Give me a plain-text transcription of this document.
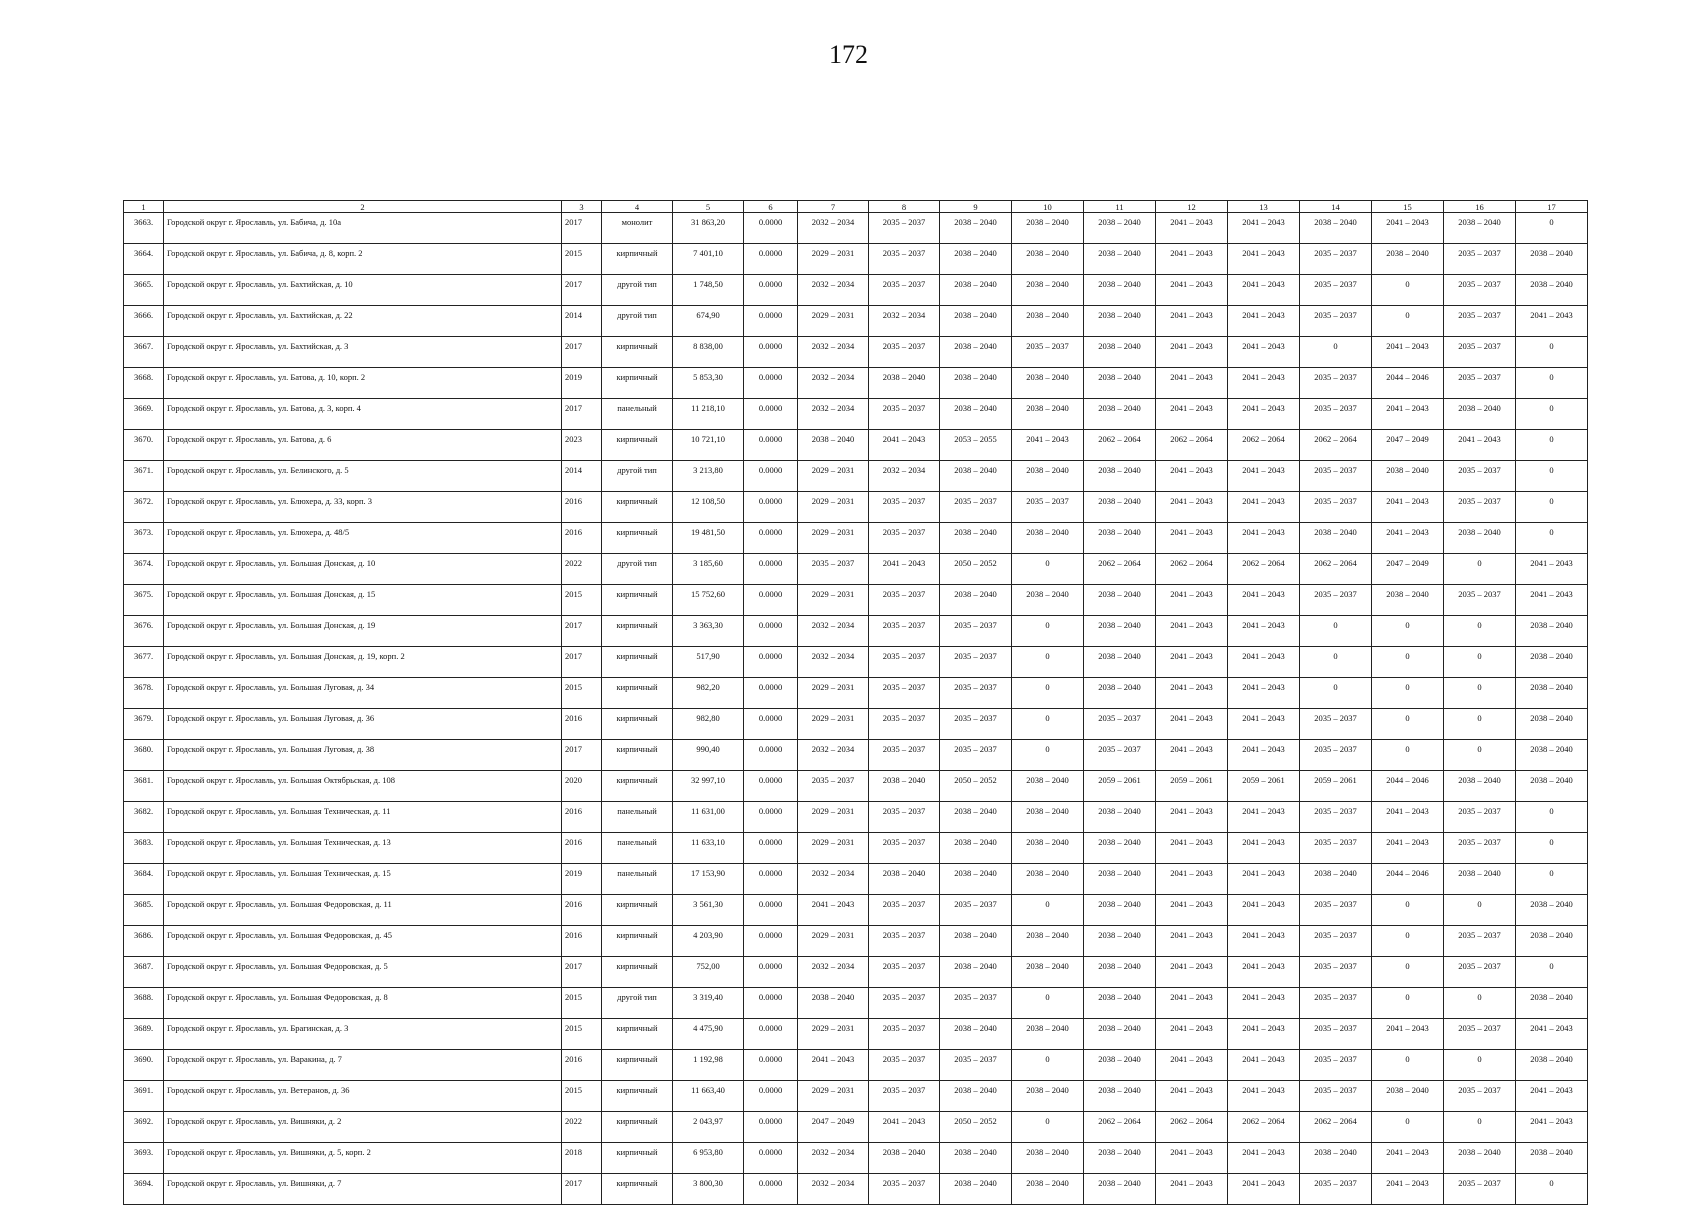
172
1	2	3	4	5	6	7	8	9	10	11	12	13	14	15	16	17
3663.	Городской округ г. Ярославль, ул. Бабича, д. 10а	2017	монолит	31 863,20	0.0000	2032 – 2034	2035 – 2037	2038 – 2040	2038 – 2040	2038 – 2040	2041 – 2043	2041 – 2043	2038 – 2040	2041 – 2043	2038 – 2040	0
3664.	Городской округ г. Ярославль, ул. Бабича, д. 8, корп. 2	2015	кирпичный	7 401,10	0.0000	2029 – 2031	2035 – 2037	2038 – 2040	2038 – 2040	2038 – 2040	2041 – 2043	2041 – 2043	2035 – 2037	2038 – 2040	2035 – 2037	2038 – 2040
3665.	Городской округ г. Ярославль, ул. Бахтийская, д. 10	2017	другой тип	1 748,50	0.0000	2032 – 2034	2035 – 2037	2038 – 2040	2038 – 2040	2038 – 2040	2041 – 2043	2041 – 2043	2035 – 2037	0	2035 – 2037	2038 – 2040
3666.	Городской округ г. Ярославль, ул. Бахтийская, д. 22	2014	другой тип	674,90	0.0000	2029 – 2031	2032 – 2034	2038 – 2040	2038 – 2040	2038 – 2040	2041 – 2043	2041 – 2043	2035 – 2037	0	2035 – 2037	2041 – 2043
3667.	Городской округ г. Ярославль, ул. Бахтийская, д. 3	2017	кирпичный	8 838,00	0.0000	2032 – 2034	2035 – 2037	2038 – 2040	2035 – 2037	2038 – 2040	2041 – 2043	2041 – 2043	0	2041 – 2043	2035 – 2037	0
3668.	Городской округ г. Ярославль, ул. Батова, д. 10, корп. 2	2019	кирпичный	5 853,30	0.0000	2032 – 2034	2038 – 2040	2038 – 2040	2038 – 2040	2038 – 2040	2041 – 2043	2041 – 2043	2035 – 2037	2044 – 2046	2035 – 2037	0
3669.	Городской округ г. Ярославль, ул. Батова, д. 3, корп. 4	2017	панельный	11 218,10	0.0000	2032 – 2034	2035 – 2037	2038 – 2040	2038 – 2040	2038 – 2040	2041 – 2043	2041 – 2043	2035 – 2037	2041 – 2043	2038 – 2040	0
3670.	Городской округ г. Ярославль, ул. Батова, д. 6	2023	кирпичный	10 721,10	0.0000	2038 – 2040	2041 – 2043	2053 – 2055	2041 – 2043	2062 – 2064	2062 – 2064	2062 – 2064	2062 – 2064	2047 – 2049	2041 – 2043	0
3671.	Городской округ г. Ярославль, ул. Белинского, д. 5	2014	другой тип	3 213,80	0.0000	2029 – 2031	2032 – 2034	2038 – 2040	2038 – 2040	2038 – 2040	2041 – 2043	2041 – 2043	2035 – 2037	2038 – 2040	2035 – 2037	0
3672.	Городской округ г. Ярославль, ул. Блюхера, д. 33, корп. 3	2016	кирпичный	12 108,50	0.0000	2029 – 2031	2035 – 2037	2035 – 2037	2035 – 2037	2038 – 2040	2041 – 2043	2041 – 2043	2035 – 2037	2041 – 2043	2035 – 2037	0
3673.	Городской округ г. Ярославль, ул. Блюхера, д. 48/5	2016	кирпичный	19 481,50	0.0000	2029 – 2031	2035 – 2037	2038 – 2040	2038 – 2040	2038 – 2040	2041 – 2043	2041 – 2043	2038 – 2040	2041 – 2043	2038 – 2040	0
3674.	Городской округ г. Ярославль, ул. Большая Донская, д. 10	2022	другой тип	3 185,60	0.0000	2035 – 2037	2041 – 2043	2050 – 2052	0	2062 – 2064	2062 – 2064	2062 – 2064	2062 – 2064	2047 – 2049	0	2041 – 2043
3675.	Городской округ г. Ярославль, ул. Большая Донская, д. 15	2015	кирпичный	15 752,60	0.0000	2029 – 2031	2035 – 2037	2038 – 2040	2038 – 2040	2038 – 2040	2041 – 2043	2041 – 2043	2035 – 2037	2038 – 2040	2035 – 2037	2041 – 2043
3676.	Городской округ г. Ярославль, ул. Большая Донская, д. 19	2017	кирпичный	3 363,30	0.0000	2032 – 2034	2035 – 2037	2035 – 2037	0	2038 – 2040	2041 – 2043	2041 – 2043	0	0	0	2038 – 2040
3677.	Городской округ г. Ярославль, ул. Большая Донская, д. 19, корп. 2	2017	кирпичный	517,90	0.0000	2032 – 2034	2035 – 2037	2035 – 2037	0	2038 – 2040	2041 – 2043	2041 – 2043	0	0	0	2038 – 2040
3678.	Городской округ г. Ярославль, ул. Большая Луговая, д. 34	2015	кирпичный	982,20	0.0000	2029 – 2031	2035 – 2037	2035 – 2037	0	2038 – 2040	2041 – 2043	2041 – 2043	0	0	0	2038 – 2040
3679.	Городской округ г. Ярославль, ул. Большая Луговая, д. 36	2016	кирпичный	982,80	0.0000	2029 – 2031	2035 – 2037	2035 – 2037	0	2035 – 2037	2041 – 2043	2041 – 2043	2035 – 2037	0	0	2038 – 2040
3680.	Городской округ г. Ярославль, ул. Большая Луговая, д. 38	2017	кирпичный	990,40	0.0000	2032 – 2034	2035 – 2037	2035 – 2037	0	2035 – 2037	2041 – 2043	2041 – 2043	2035 – 2037	0	0	2038 – 2040
3681.	Городской округ г. Ярославль, ул. Большая Октябрьская, д. 108	2020	кирпичный	32 997,10	0.0000	2035 – 2037	2038 – 2040	2050 – 2052	2038 – 2040	2059 – 2061	2059 – 2061	2059 – 2061	2059 – 2061	2044 – 2046	2038 – 2040	2038 – 2040
3682.	Городской округ г. Ярославль, ул. Большая Техническая, д. 11	2016	панельный	11 631,00	0.0000	2029 – 2031	2035 – 2037	2038 – 2040	2038 – 2040	2038 – 2040	2041 – 2043	2041 – 2043	2035 – 2037	2041 – 2043	2035 – 2037	0
3683.	Городской округ г. Ярославль, ул. Большая Техническая, д. 13	2016	панельный	11 633,10	0.0000	2029 – 2031	2035 – 2037	2038 – 2040	2038 – 2040	2038 – 2040	2041 – 2043	2041 – 2043	2035 – 2037	2041 – 2043	2035 – 2037	0
3684.	Городской округ г. Ярославль, ул. Большая Техническая, д. 15	2019	панельный	17 153,90	0.0000	2032 – 2034	2038 – 2040	2038 – 2040	2038 – 2040	2038 – 2040	2041 – 2043	2041 – 2043	2038 – 2040	2044 – 2046	2038 – 2040	0
3685.	Городской округ г. Ярославль, ул. Большая Федоровская, д. 11	2016	кирпичный	3 561,30	0.0000	2041 – 2043	2035 – 2037	2035 – 2037	0	2038 – 2040	2041 – 2043	2041 – 2043	2035 – 2037	0	0	2038 – 2040
3686.	Городской округ г. Ярославль, ул. Большая Федоровская, д. 45	2016	кирпичный	4 203,90	0.0000	2029 – 2031	2035 – 2037	2038 – 2040	2038 – 2040	2038 – 2040	2041 – 2043	2041 – 2043	2035 – 2037	0	2035 – 2037	2038 – 2040
3687.	Городской округ г. Ярославль, ул. Большая Федоровская, д. 5	2017	кирпичный	752,00	0.0000	2032 – 2034	2035 – 2037	2038 – 2040	2038 – 2040	2038 – 2040	2041 – 2043	2041 – 2043	2035 – 2037	0	2035 – 2037	0
3688.	Городской округ г. Ярославль, ул. Большая Федоровская, д. 8	2015	другой тип	3 319,40	0.0000	2038 – 2040	2035 – 2037	2035 – 2037	0	2038 – 2040	2041 – 2043	2041 – 2043	2035 – 2037	0	0	2038 – 2040
3689.	Городской округ г. Ярославль, ул. Брагинская, д. 3	2015	кирпичный	4 475,90	0.0000	2029 – 2031	2035 – 2037	2038 – 2040	2038 – 2040	2038 – 2040	2041 – 2043	2041 – 2043	2035 – 2037	2041 – 2043	2035 – 2037	2041 – 2043
3690.	Городской округ г. Ярославль, ул. Варакина, д. 7	2016	кирпичный	1 192,98	0.0000	2041 – 2043	2035 – 2037	2035 – 2037	0	2038 – 2040	2041 – 2043	2041 – 2043	2035 – 2037	0	0	2038 – 2040
3691.	Городской округ г. Ярославль, ул. Ветеранов, д. 36	2015	кирпичный	11 663,40	0.0000	2029 – 2031	2035 – 2037	2038 – 2040	2038 – 2040	2038 – 2040	2041 – 2043	2041 – 2043	2035 – 2037	2038 – 2040	2035 – 2037	2041 – 2043
3692.	Городской округ г. Ярославль, ул. Вишняки, д. 2	2022	кирпичный	2 043,97	0.0000	2047 – 2049	2041 – 2043	2050 – 2052	0	2062 – 2064	2062 – 2064	2062 – 2064	2062 – 2064	0	0	2041 – 2043
3693.	Городской округ г. Ярославль, ул. Вишняки, д. 5, корп. 2	2018	кирпичный	6 953,80	0.0000	2032 – 2034	2038 – 2040	2038 – 2040	2038 – 2040	2038 – 2040	2041 – 2043	2041 – 2043	2038 – 2040	2041 – 2043	2038 – 2040	2038 – 2040
3694.	Городской округ г. Ярославль, ул. Вишняки, д. 7	2017	кирпичный	3 800,30	0.0000	2032 – 2034	2035 – 2037	2038 – 2040	2038 – 2040	2038 – 2040	2041 – 2043	2041 – 2043	2035 – 2037	2041 – 2043	2035 – 2037	0
